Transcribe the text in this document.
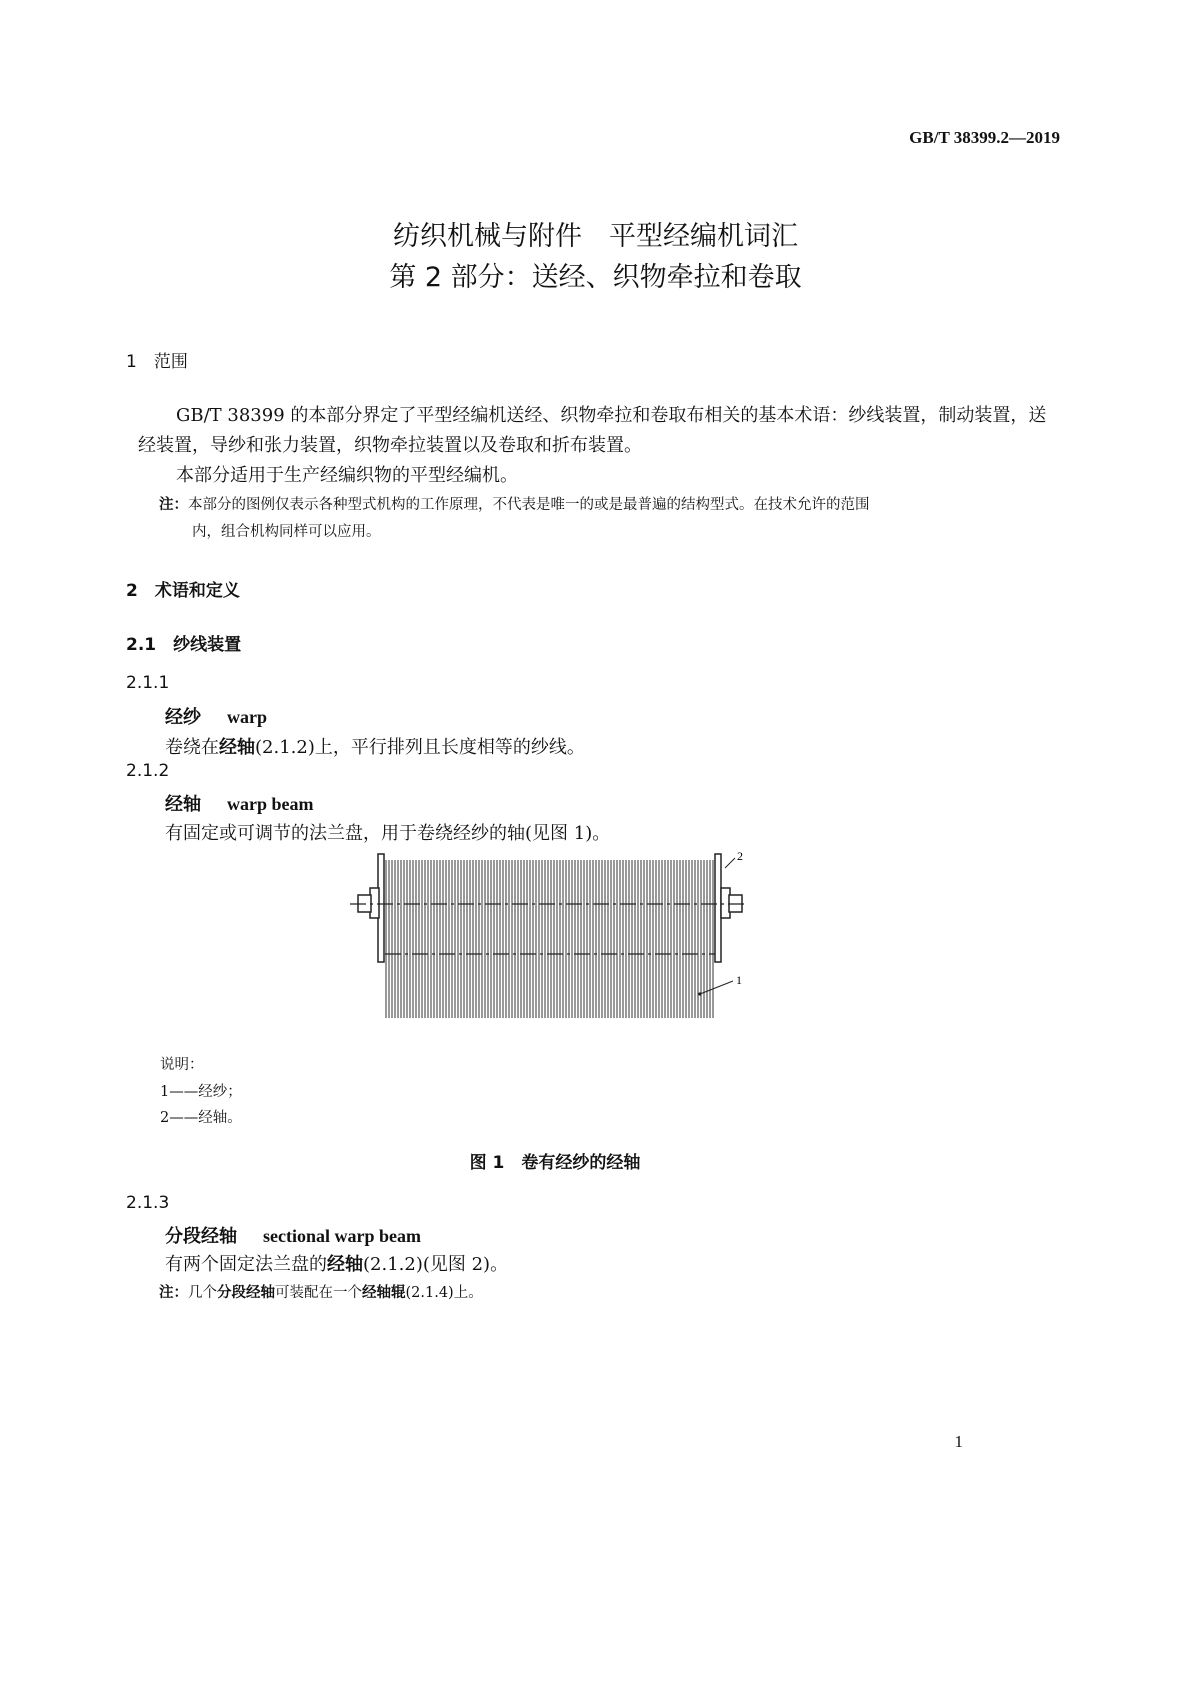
GB/T 38399.2—2019
纺织机械与附件　平型经编机词汇
第 2 部分：送经、织物牵拉和卷取
1　范围
GB/T 38399 的本部分界定了平型经编机送经、织物牵拉和卷取布相关的基本术语：纱线装置，制动装置，送经装置，导纱和张力装置，织物牵拉装置以及卷取和折布装置。
本部分适用于生产经编织物的平型经编机。
注：本部分的图例仅表示各种型式机构的工作原理，不代表是唯一的或是最普遍的结构型式。在技术允许的范围
内，组合机构同样可以应用。
2　术语和定义
2.1　纱线装置
2.1.1
经纱 warp
卷绕在经轴(2.1.2)上，平行排列且长度相等的纱线。
2.1.2
经轴 warp beam
有固定或可调节的法兰盘，用于卷绕经纱的轴(见图 1)。
2
1
说明：
1——经纱；
2——经轴。
图 1　卷有经纱的经轴
2.1.3
分段经轴 sectional warp beam
有两个固定法兰盘的经轴(2.1.2)(见图 2)。
注：几个分段经轴可装配在一个经轴辊(2.1.4)上。
1
